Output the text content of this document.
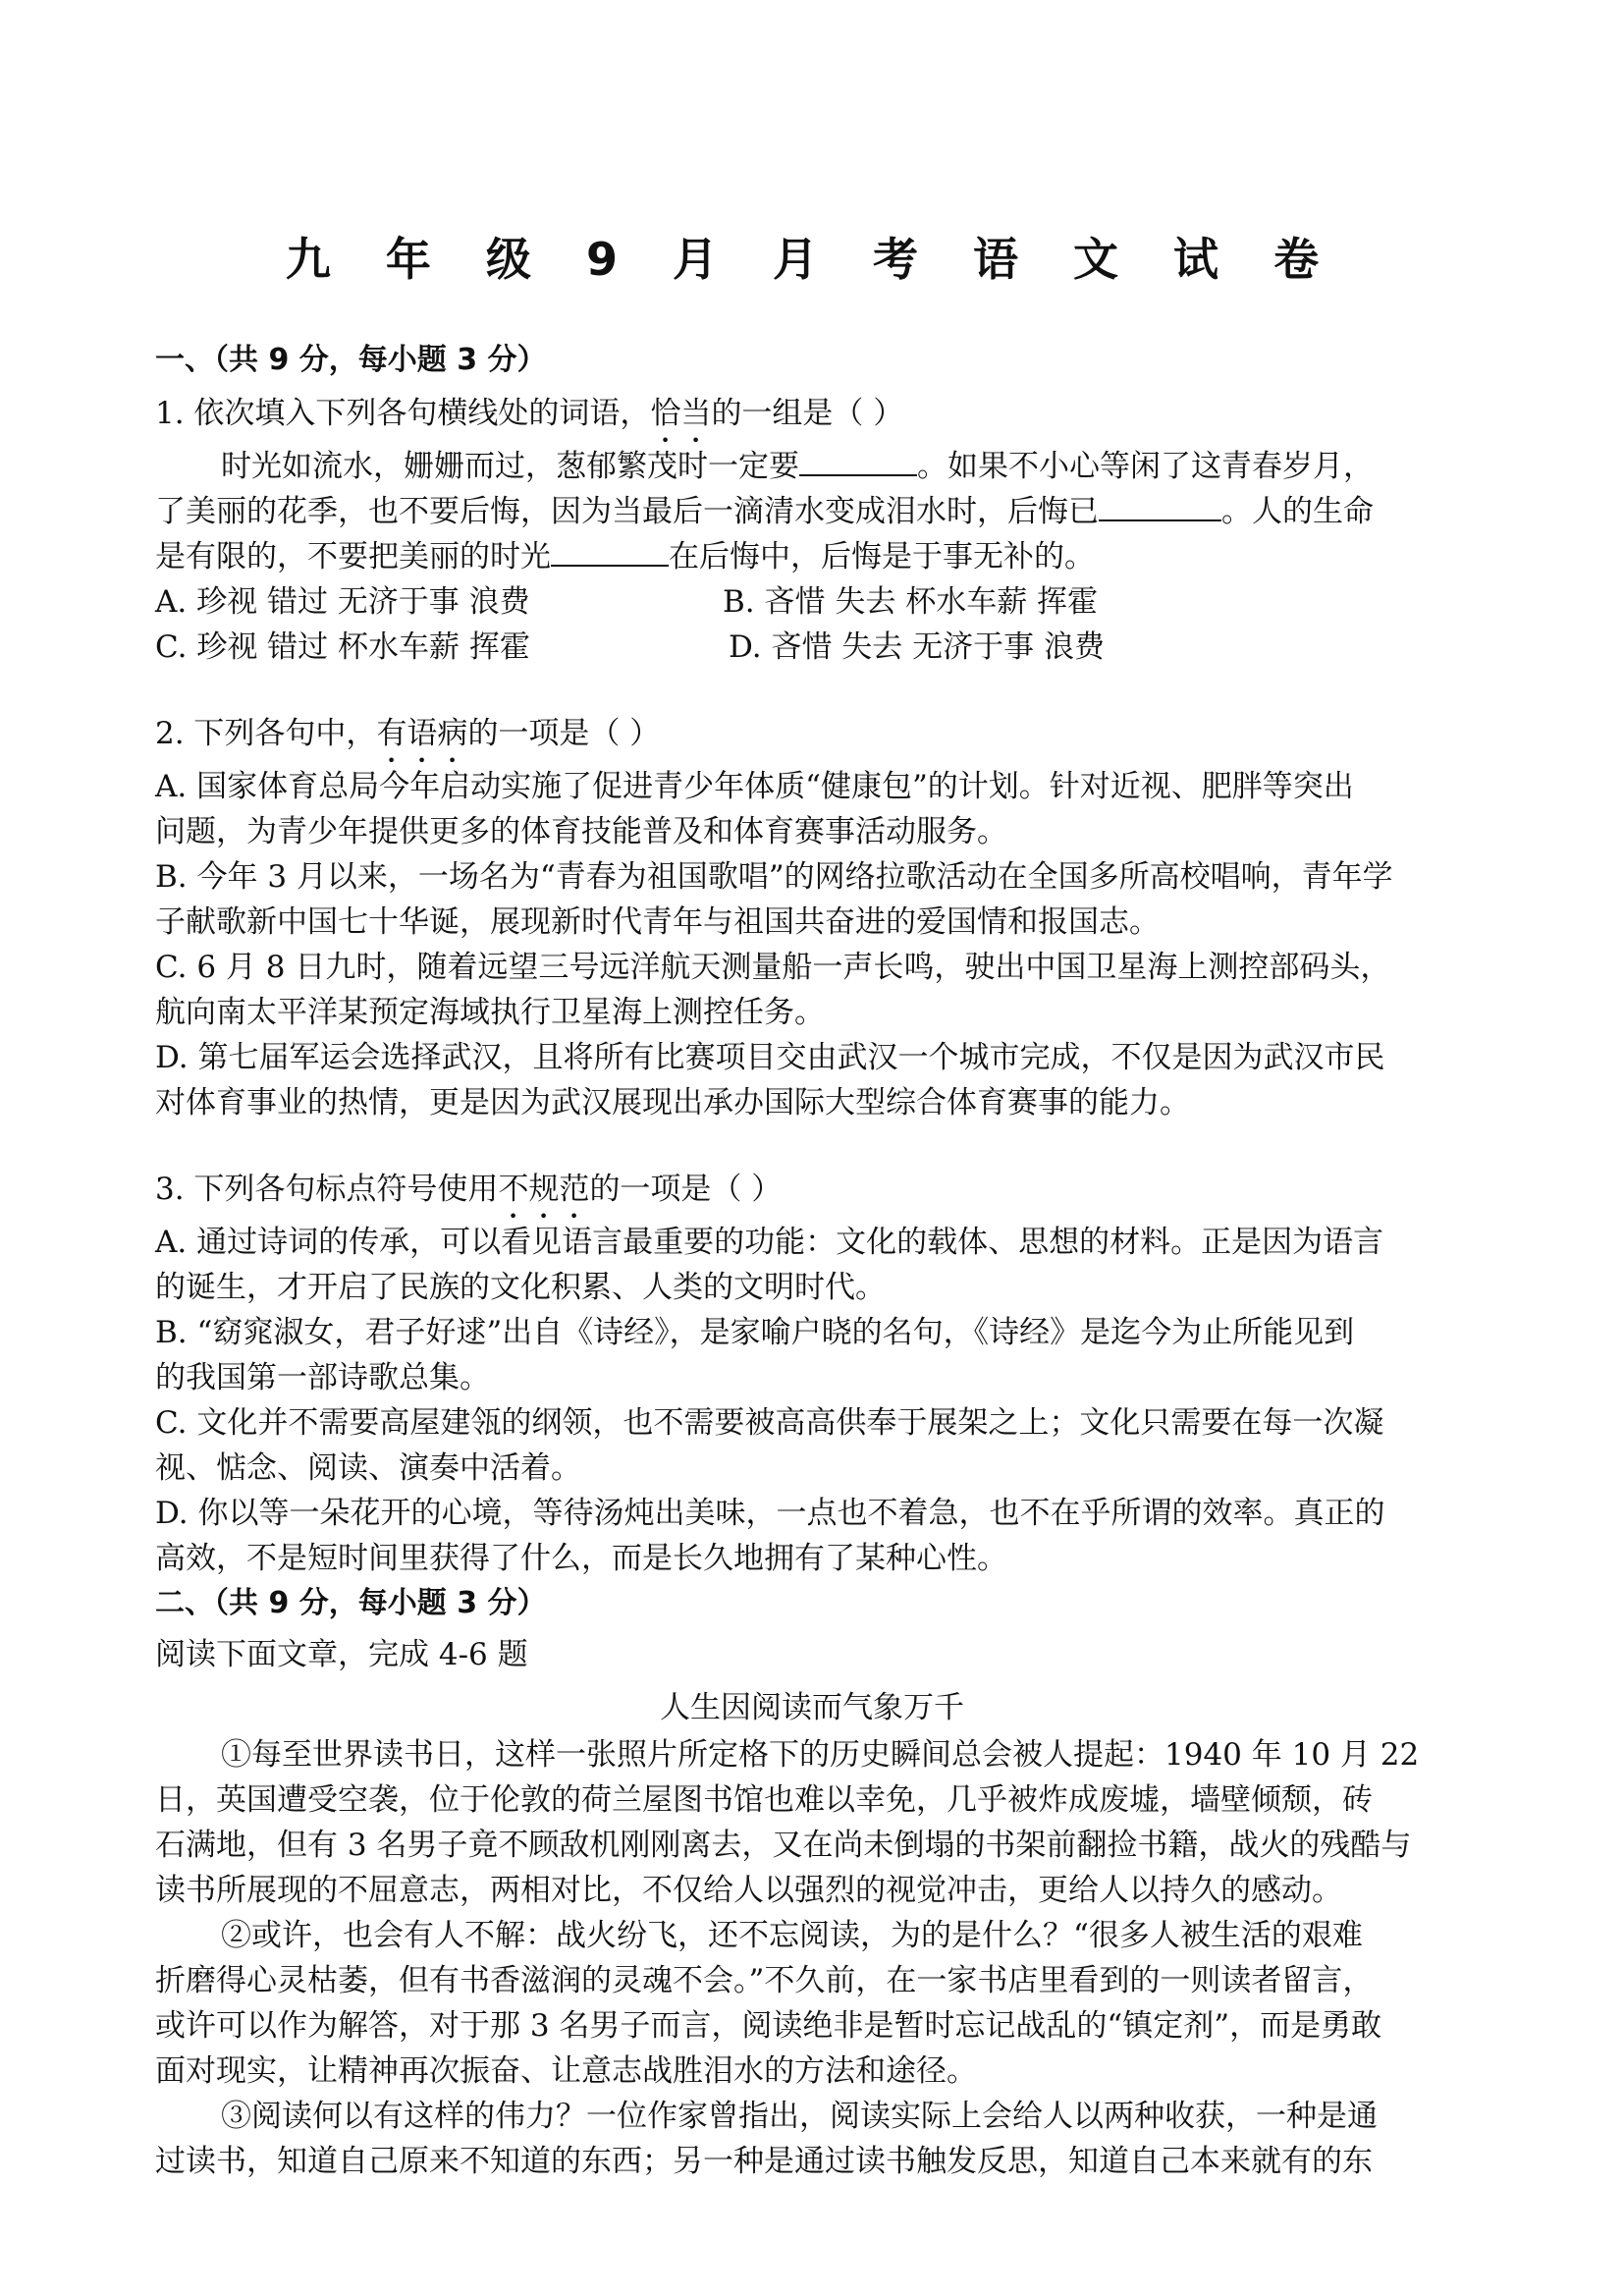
九 年 级 9 月 月 考 语 文 试 卷
一、（共 9 分，每小题 3 分）
1. 依次填入下列各句横线处的词语，恰当的一组是（ ）
时光如流水，姗姗而过，葱郁繁茂时一定要	。如果不小心等闲了这青春岁月，
了美丽的花季，也不要后悔，因为当最后一滴清水变成泪水时，后悔已	。人的生命
是有限的，不要把美丽的时光	在后悔中，后悔是于事无补的。
A. 珍视 错过 无济于事 浪费	B. 吝惜 失去 杯水车薪 挥霍
C. 珍视 错过 杯水车薪 挥霍	D. 吝惜 失去 无济于事 浪费
2. 下列各句中，有语病的一项是（ ）
A. 国家体育总局今年启动实施了促进青少年体质“健康包”的计划。针对近视、肥胖等突出
问题，为青少年提供更多的体育技能普及和体育赛事活动服务。
B. 今年 3 月以来，一场名为“青春为祖国歌唱”的网络拉歌活动在全国多所高校唱响，青年学
子献歌新中国七十华诞，展现新时代青年与祖国共奋进的爱国情和报国志。
C. 6 月 8 日九时，随着远望三号远洋航天测量船一声长鸣，驶出中国卫星海上测控部码头，
航向南太平洋某预定海域执行卫星海上测控任务。
D. 第七届军运会选择武汉，且将所有比赛项目交由武汉一个城市完成，不仅是因为武汉市民
对体育事业的热情，更是因为武汉展现出承办国际大型综合体育赛事的能力。
3. 下列各句标点符号使用不规范的一项是（ ）
A. 通过诗词的传承，可以看见语言最重要的功能：文化的载体、思想的材料。正是因为语言
的诞生，才开启了民族的文化积累、人类的文明时代。
B. “窈窕淑女，君子好逑”出自《诗经》，是家喻户晓的名句，《诗经》是迄今为止所能见到
的我国第一部诗歌总集。
C. 文化并不需要高屋建瓴的纲领，也不需要被高高供奉于展架之上；文化只需要在每一次凝
视、惦念、阅读、演奏中活着。
D. 你以等一朵花开的心境，等待汤炖出美味，一点也不着急，也不在乎所谓的效率。真正的
高效，不是短时间里获得了什么，而是长久地拥有了某种心性。
二、（共 9 分，每小题 3 分）
阅读下面文章，完成 4-6 题
人生因阅读而气象万千
①每至世界读书日，这样一张照片所定格下的历史瞬间总会被人提起：1940 年 10 月 22
日，英国遭受空袭，位于伦敦的荷兰屋图书馆也难以幸免，几乎被炸成废墟，墙壁倾颓，砖
石满地，但有 3 名男子竟不顾敌机刚刚离去，又在尚未倒塌的书架前翻捡书籍，战火的残酷与
读书所展现的不屈意志，两相对比，不仅给人以强烈的视觉冲击，更给人以持久的感动。
②或许，也会有人不解：战火纷飞，还不忘阅读，为的是什么？“很多人被生活的艰难
折磨得心灵枯萎，但有书香滋润的灵魂不会。”不久前，在一家书店里看到的一则读者留言，
或许可以作为解答，对于那 3 名男子而言，阅读绝非是暂时忘记战乱的“镇定剂”，而是勇敢
面对现实，让精神再次振奋、让意志战胜泪水的方法和途径。
③阅读何以有这样的伟力？一位作家曾指出，阅读实际上会给人以两种收获，一种是通
过读书，知道自己原来不知道的东西；另一种是通过读书触发反思，知道自己本来就有的东
